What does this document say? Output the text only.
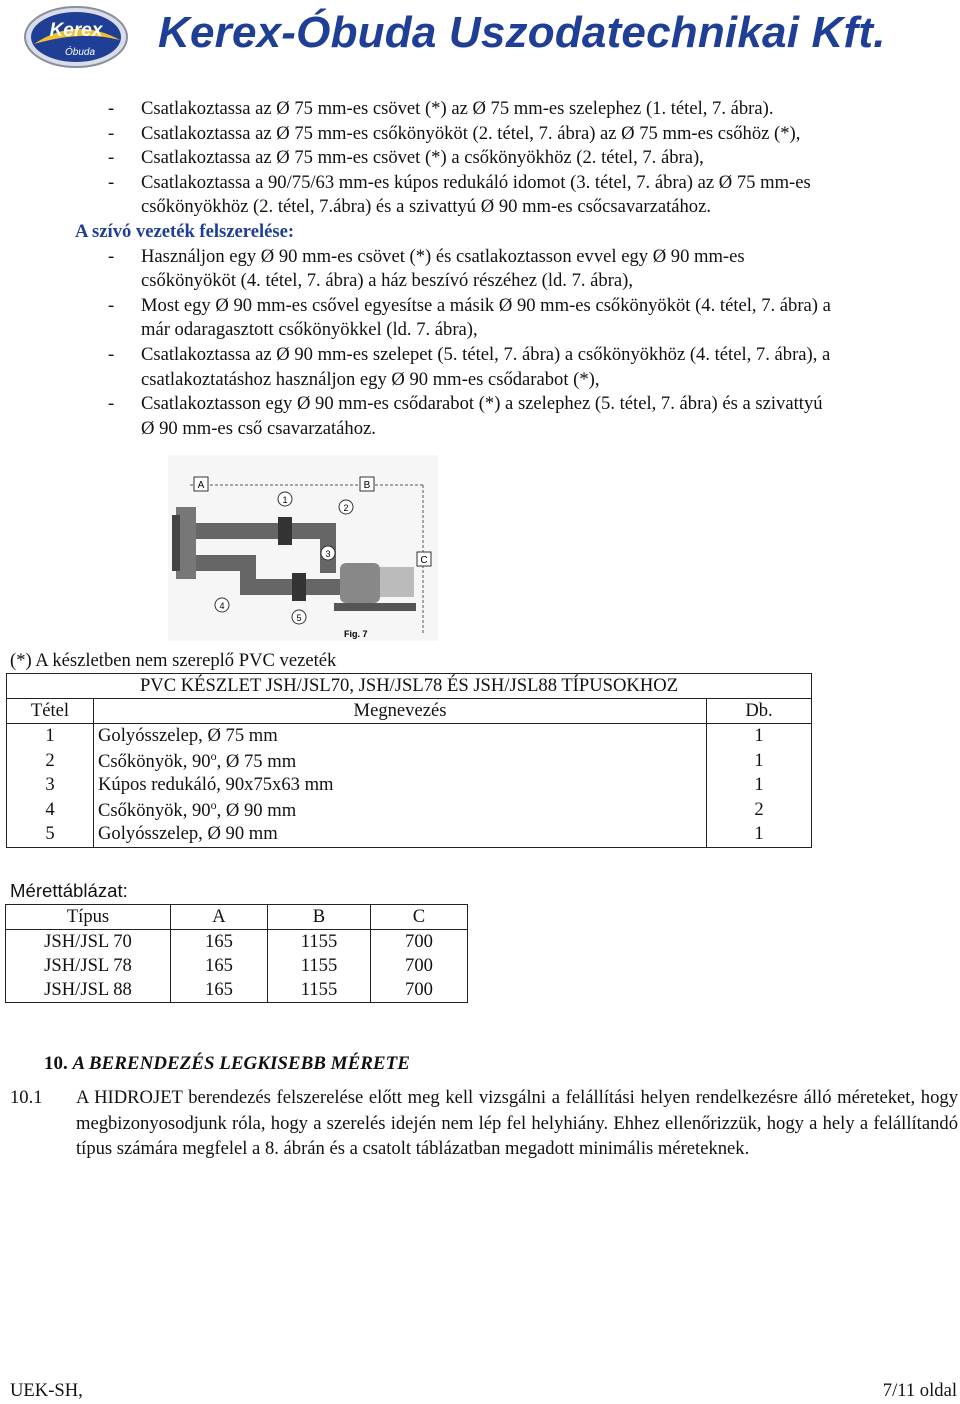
Kerex
Óbuda Kerex-Óbuda Uszodatechnikai Kft.
- Csatlakoztassa az Ø 75 mm-es csövet (*) az Ø 75 mm-es szelephez (1. tétel, 7. ábra).
- Csatlakoztassa az Ø 75 mm-es csőkönyököt (2. tétel, 7. ábra) az Ø 75 mm-es csőhöz (*),
- Csatlakoztassa az Ø 75 mm-es csövet (*) a csőkönyökhöz (2. tétel, 7. ábra),
- Csatlakoztassa a 90/75/63 mm-es kúpos redukáló idomot (3. tétel, 7. ábra) az Ø 75 mm-es
csőkönyökhöz (2. tétel, 7.ábra) és a szivattyú Ø 90 mm-es csőcsavarzatához.
A szívó vezeték felszerelése:
- Használjon egy Ø 90 mm-es csövet (*) és csatlakoztasson evvel egy Ø 90 mm-es
csőkönyököt (4. tétel, 7. ábra) a ház beszívó részéhez (ld. 7. ábra),
- Most egy Ø 90 mm-es csővel egyesítse a másik Ø 90 mm-es csőkönyököt (4. tétel, 7. ábra) a
már odaragasztott csőkönyökkel (ld. 7. ábra),
- Csatlakoztassa az Ø 90 mm-es szelepet (5. tétel, 7. ábra) a csőkönyökhöz (4. tétel, 7. ábra), a
csatlakoztatáshoz használjon egy Ø 90 mm-es csődarabot (*),
- Csatlakoztasson egy Ø 90 mm-es csődarabot (*) a szelephez (5. tétel, 7. ábra) és a szivattyú
Ø 90 mm-es cső csavarzatához.
A	B
C
1
2
3
4
5
Fig. 7
(*) A készletben nem szereplő PVC vezeték
PVC KÉSZLET JSH/JSL70, JSH/JSL78 ÉS JSH/JSL88 TÍPUSOKHOZ		
Tétel	Megnevezés	Db.
1	Golyósszelep, Ø 75 mm	1
2	Csőkönyök, 90$^o$, Ø 75 mm	1
3	Kúpos redukáló, 90x75x63 mm	1
4	Csőkönyök, 90$^o$, Ø 90 mm	2
5	Golyósszelep, Ø 90 mm	1
Mérettáblázat:
Típus	A	B	C
JSH/JSL 70	165	1155	700
JSH/JSL 78	165	1155	700
JSH/JSL 88	165	1155	700
10. A BERENDEZÉS LEGKISEBB MÉRETE
10.1 A HIDROJET berendezés felszerelése előtt meg kell vizsgálni a felállítási helyen rendelkezésre álló méreteket, hogy megbizonyosodjunk róla, hogy a szerelés idején nem lép fel helyhiány. Ehhez ellenőrizzük, hogy a hely a felállítandó típus számára megfelel a 8. ábrán és a csatolt táblázatban megadott minimális méreteknek.
UEK-SH,	7/11 oldal
